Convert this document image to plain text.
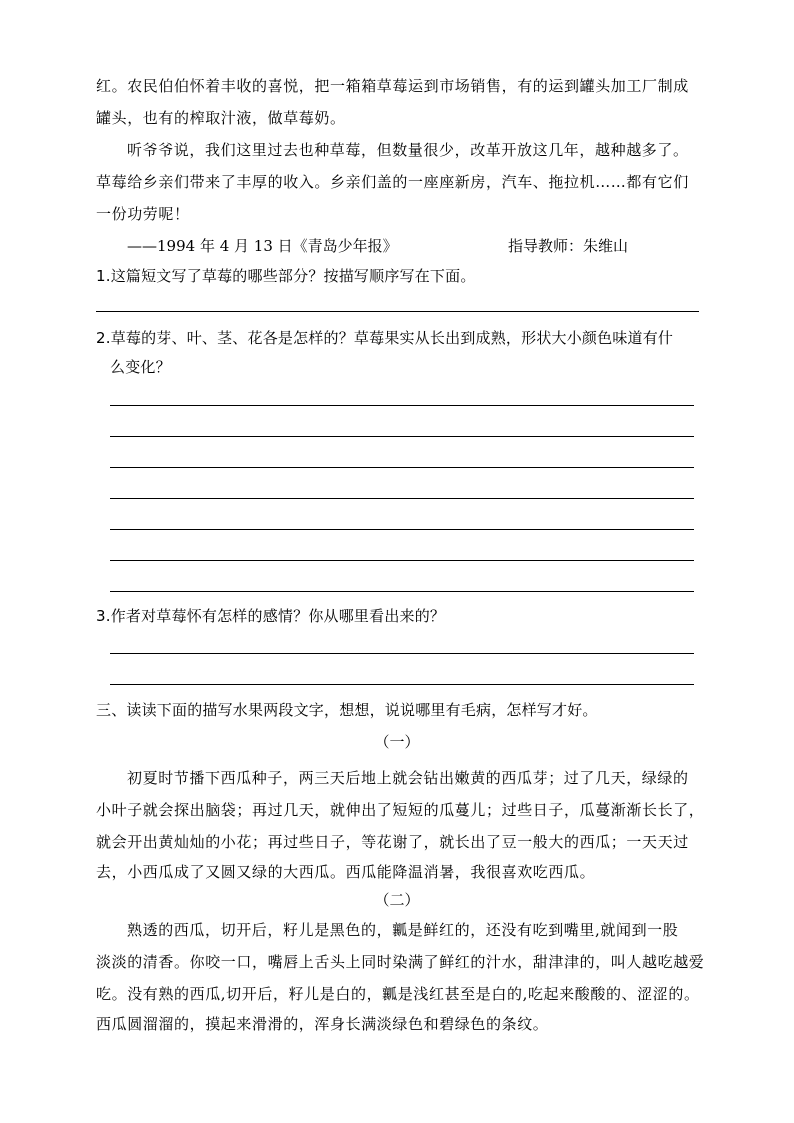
红。农民伯伯怀着丰收的喜悦，把一箱箱草莓运到市场销售，有的运到罐头加工厂制成
罐头，也有的榨取汁液，做草莓奶。
听爷爷说，我们这里过去也种草莓，但数量很少，改革开放这几年，越种越多了。
草莓给乡亲们带来了丰厚的收入。乡亲们盖的一座座新房，汽车、拖拉机……都有它们
一份功劳呢！
——1994 年 4 月 13 日《青岛少年报》	指导教师：朱维山
1.这篇短文写了草莓的哪些部分？按描写顺序写在下面。
2.草莓的芽、叶、茎、花各是怎样的？草莓果实从长出到成熟，形状大小颜色味道有什
么变化？
3.作者对草莓怀有怎样的感情？你从哪里看出来的？
三、读读下面的描写水果两段文字，想想，说说哪里有毛病，怎样写才好。
（一）
初夏时节播下西瓜种子，两三天后地上就会钻出嫩黄的西瓜芽；过了几天，绿绿的
小叶子就会探出脑袋；再过几天，就伸出了短短的瓜蔓儿；过些日子，瓜蔓渐渐长长了，
就会开出黄灿灿的小花；再过些日子，等花谢了，就长出了豆一般大的西瓜；一天天过
去，小西瓜成了又圆又绿的大西瓜。西瓜能降温消暑，我很喜欢吃西瓜。
（二）
熟透的西瓜，切开后，籽儿是黑色的，瓤是鲜红的，还没有吃到嘴里,就闻到一股
淡淡的清香。你咬一口，嘴唇上舌头上同时染满了鲜红的汁水，甜津津的，叫人越吃越爱
吃。没有熟的西瓜,切开后，籽儿是白的，瓤是浅红甚至是白的,吃起来酸酸的、涩涩的。
西瓜圆溜溜的，摸起来滑滑的，浑身长满淡绿色和碧绿色的条纹。
